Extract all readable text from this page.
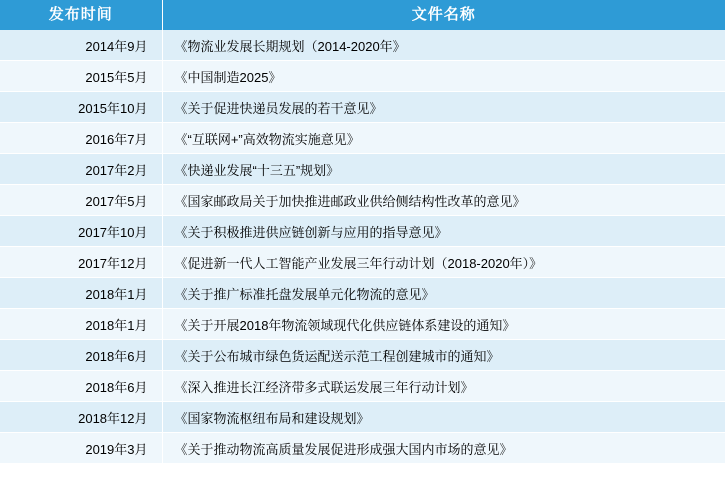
发布时间	文件名称
2014年9月	《物流业发展长期规划（2014-2020年》
2015年5月	《中国制造2025》
2015年10月	《关于促进快递员发展的若干意见》
2016年7月	《“互联网+”高效物流实施意见》
2017年2月	《快递业发展“十三五”规划》
2017年5月	《国家邮政局关于加快推进邮政业供给侧结构性改革的意见》
2017年10月	《关于积极推进供应链创新与应用的指导意见》
2017年12月	《促进新一代人工智能产业发展三年行动计划（2018-2020年）》
2018年1月	《关于推广标准托盘发展单元化物流的意见》
2018年1月	《关于开展2018年物流领域现代化供应链体系建设的通知》
2018年6月	《关于公布城市绿色货运配送示范工程创建城市的通知》
2018年6月	《深入推进长江经济带多式联运发展三年行动计划》
2018年12月	《国家物流枢纽布局和建设规划》
2019年3月	《关于推动物流高质量发展促进形成强大国内市场的意见》
